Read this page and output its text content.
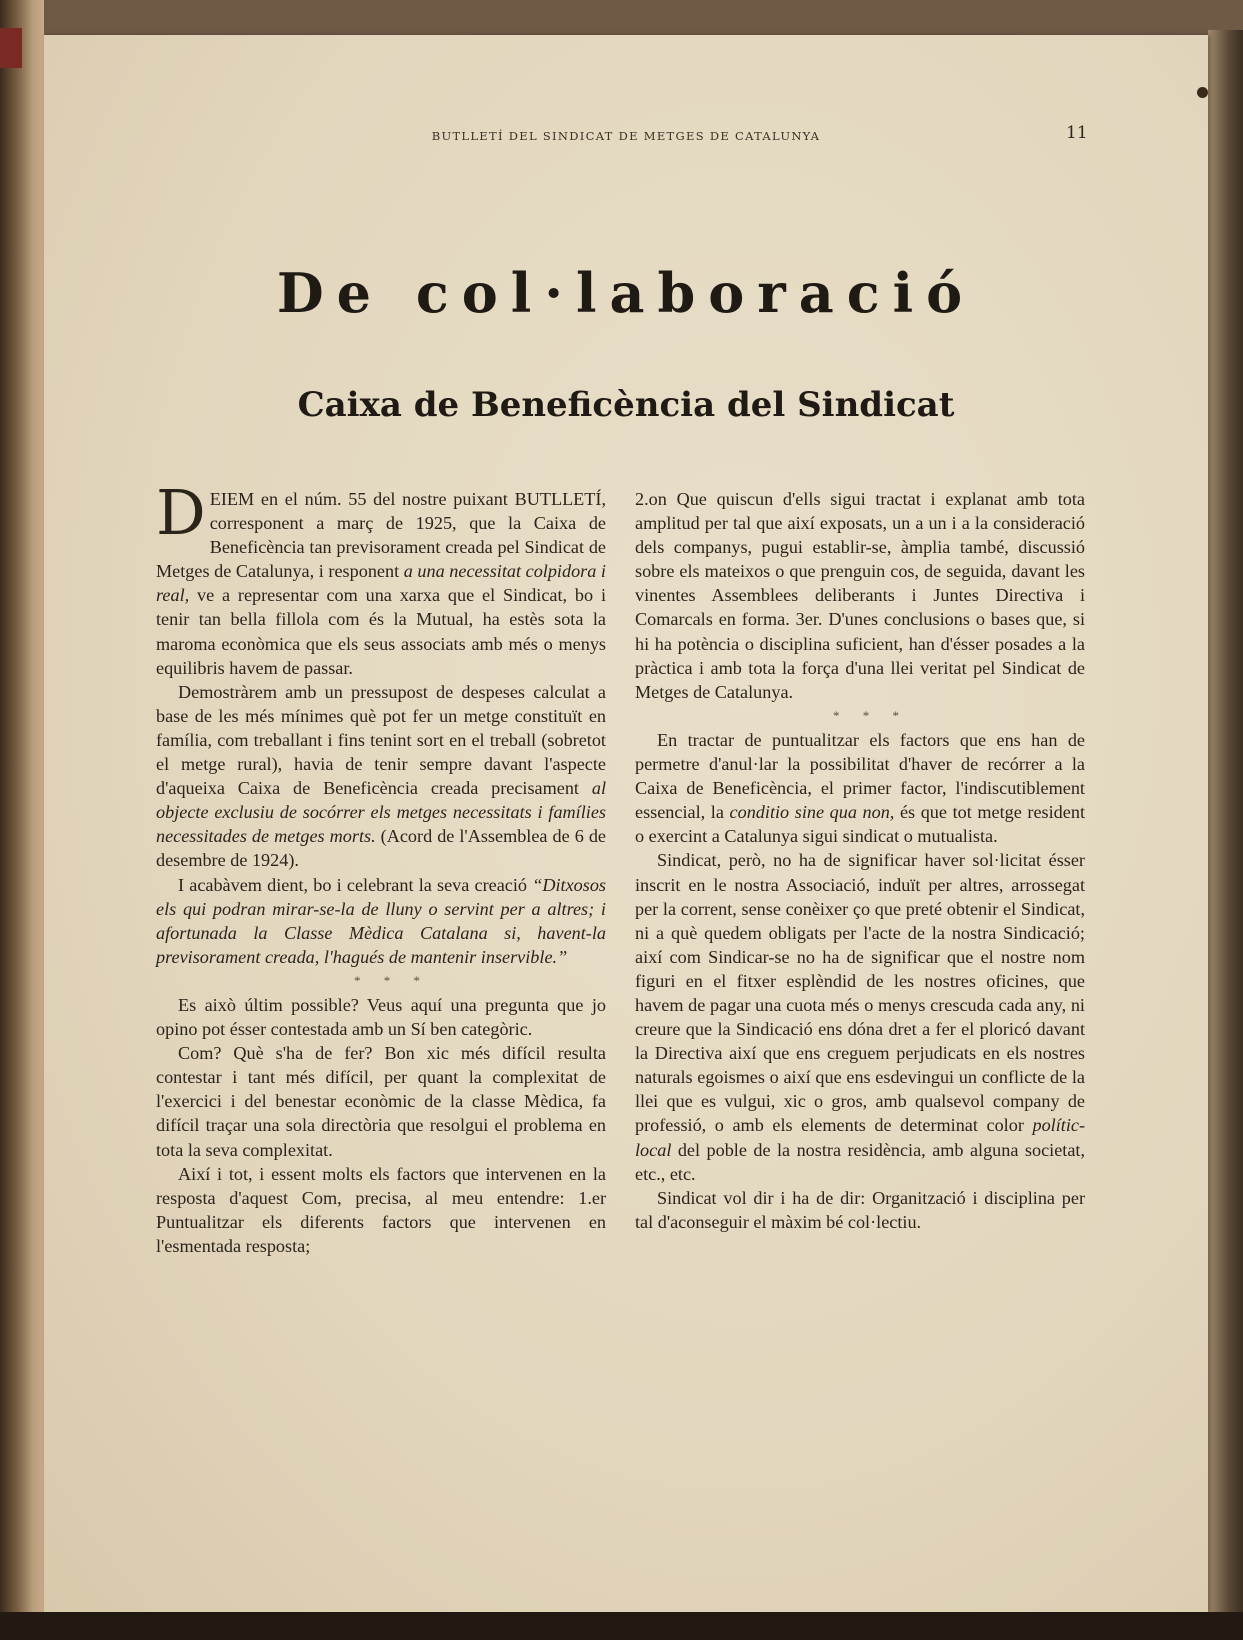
BUTLLETÍ DEL SINDICAT DE METGES DE CATALUNYA	11
De col·laboració
Caixa de Beneficència del Sindicat

DEIEM en el núm. 55 del nostre puixant BUTLLETÍ, corresponent a març de 1925, que la Caixa de Beneficència tan previsorament creada pel Sindicat de Metges de Catalunya, i responent a una necessitat colpidora i real, ve a representar com una xarxa que el Sindicat, bo i tenir tan bella fillola com és la Mutual, ha estès sota la maroma econòmica que els seus associats amb més o menys equilibris havem de passar.

Demostràrem amb un pressupost de despeses calculat a base de les més mínimes què pot fer un metge constituït en família, com treballant i fins tenint sort en el treball (sobretot el metge rural), havia de tenir sempre davant l'aspecte d'aqueixa Caixa de Beneficència creada precisament al objecte exclusiu de socórrer els metges necessitats i famílies necessitades de metges morts. (Acord de l'Assemblea de 6 de desembre de 1924).

I acabàvem dient, bo i celebrant la seva creació “Ditxosos els qui podran mirar-se-la de lluny o servint per a altres; i afortunada la Classe Mèdica Catalana si, havent-la previsorament creada, l'hagués de mantenir inservible.”

* * *

Es això últim possible? Veus aquí una pregunta que jo opino pot ésser contestada amb un Sí ben categòric.

Com? Què s'ha de fer? Bon xic més difícil resulta contestar i tant més difícil, per quant la complexitat de l'exercici i del benestar econòmic de la classe Mèdica, fa difícil traçar una sola directòria que resolgui el problema en tota la seva complexitat.

Així i tot, i essent molts els factors que intervenen en la resposta d'aquest Com, precisa, al meu entendre: 1.er Puntualitzar els diferents factors que intervenen en l'esmentada resposta;

2.on Que quiscun d'ells sigui tractat i explanat amb tota amplitud per tal que així exposats, un a un i a la consideració dels companys, pugui establir-se, àmplia també, discussió sobre els mateixos o que prenguin cos, de seguida, davant les vinentes Assemblees deliberants i Juntes Directiva i Comarcals en forma. 3er. D'unes conclusions o bases que, si hi ha potència o disciplina suficient, han d'ésser posades a la pràctica i amb tota la força d'una llei veritat pel Sindicat de Metges de Catalunya.

* * *

En tractar de puntualitzar els factors que ens han de permetre d'anul·lar la possibilitat d'haver de recórrer a la Caixa de Beneficència, el primer factor, l'indiscutiblement essencial, la conditio sine qua non, és que tot metge resident o exercint a Catalunya sigui sindicat o mutualista.

Sindicat, però, no ha de significar haver sol·licitat ésser inscrit en le nostra Associació, induït per altres, arrossegat per la corrent, sense conèixer ço que preté obtenir el Sindicat, ni a què quedem obligats per l'acte de la nostra Sindicació; així com Sindicar-se no ha de significar que el nostre nom figuri en el fitxer esplèndid de les nostres oficines, que havem de pagar una cuota més o menys crescuda cada any, ni creure que la Sindicació ens dóna dret a fer el ploricó davant la Directiva així que ens creguem perjudicats en els nostres naturals egoismes o així que ens esdevingui un conflicte de la llei que es vulgui, xic o gros, amb qualsevol company de professió, o amb els elements de determinat color polític-local del poble de la nostra residència, amb alguna societat, etc., etc.

Sindicat vol dir i ha de dir: Organització i disciplina per tal d'aconseguir el màxim bé col·lectiu.
